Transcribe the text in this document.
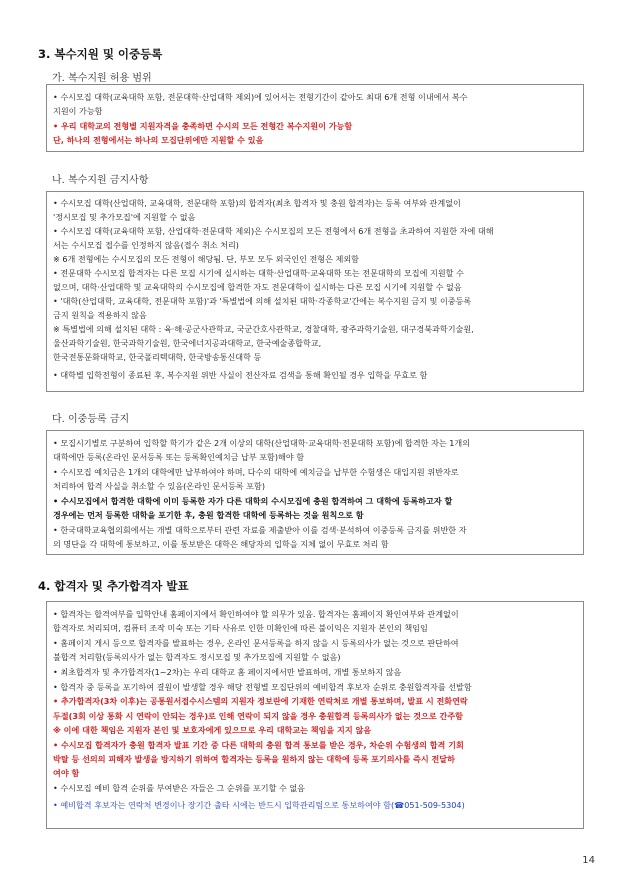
3. 복수지원 및 이중등록
가. 복수지원 허용 범위
• 수시모집 대학(교육대학 포함, 전문대학·산업대학 제외)에 있어서는 전형기간이 같아도 최대 6개 전형 이내에서 복수
지원이 가능함
• 우리 대학교의 전형별 지원자격을 충족하면 수시의 모든 전형간 복수지원이 가능함
단, 하나의 전형에서는 하나의 모집단위에만 지원할 수 있음
나. 복수지원 금지사항
• 수시모집 대학(산업대학, 교육대학, 전문대학 포함)의 합격자(최초 합격자 및 충원 합격자)는 등록 여부와 관계없이
'정시모집 및 추가모집'에 지원할 수 없음
• 수시모집 대학(교육대학 포함, 산업대학·전문대학 제외)은 수시모집의 모든 전형에서 6개 전형을 초과하여 지원한 자에 대해
서는 수시모집 접수를 인정하지 않음(접수 취소 처리)
※ 6개 전형에는 수시모집의 모든 전형이 해당됨. 단, 부모 모두 외국인인 전형은 제외함
• 전문대학 수시모집 합격자는 다른 모집 시기에 실시하는 대학·산업대학·교육대학 또는 전문대학의 모집에 지원할 수
없으며, 대학·산업대학 및 교육대학의 수시모집에 합격한 자도 전문대학이 실시하는 다른 모집 시기에 지원할 수 없음
• '대학(산업대학, 교육대학, 전문대학 포함)'과 '특별법에 의해 설치된 대학·각종학교'간에는 복수지원 금지 및 이중등록
금지 원칙을 적용하지 않음
※ 특별법에 의해 설치된 대학 : 육·해·공군사관학교, 국군간호사관학교, 경찰대학, 광주과학기술원, 대구경북과학기술원,
울산과학기술원, 한국과학기술원, 한국에너지공과대학교, 한국예술종합학교,
한국전통문화대학교, 한국폴리텍대학, 한국방송통신대학 등
• 대학별 입학전형이 종료된 후, 복수지원 위반 사실이 전산자료 검색을 통해 확인될 경우 입학을 무효로 함
다. 이중등록 금지
• 모집시기별로 구분하여 입학할 학기가 같은 2개 이상의 대학(산업대학·교육대학·전문대학 포함)에 합격한 자는 1개의
대학에만 등록(온라인 문서등록 또는 등록확인예치금 납부 포함)해야 함
• 수시모집 예치금은 1개의 대학에만 납부하여야 하며, 다수의 대학에 예치금을 납부한 수험생은 대입지원 위반자로
처리하여 합격 사실을 취소할 수 있음(온라인 문서등록 포함)
• 수시모집에서 합격한 대학에 이미 등록한 자가 다른 대학의 수시모집에 충원 합격하여 그 대학에 등록하고자 할
경우에는 먼저 등록한 대학을 포기한 후, 충원 합격한 대학에 등록하는 것을 원칙으로 함
• 한국대학교육협의회에서는 개별 대학으로부터 관련 자료를 제출받아 이를 검색·분석하여 이중등록 금지를 위반한 자
의 명단을 각 대학에 통보하고, 이를 통보받은 대학은 해당자의 입학을 지체 없이 무효로 처리 함
4. 합격자 및 추가합격자 발표
• 합격자는 합격여부를 입학안내 홈페이지에서 확인하여야 할 의무가 있음. 합격자는 홈페이지 확인여부와 관계없이
합격자로 처리되며, 컴퓨터 조작 미숙 또는 기타 사유로 인한 미확인에 따른 불이익은 지원자 본인의 책임임
• 홈페이지 게시 등으로 합격자를 발표하는 경우, 온라인 문서등록을 하지 않을 시 등록의사가 없는 것으로 판단하여
불합격 처리함(등록의사가 없는 합격자도 정시모집 및 추가모집에 지원할 수 없음)
• 최초합격자 및 추가합격자(1~2차)는 우리 대학교 홈 페이지에서만 발표하며, 개별 통보하지 않음
• 합격자 중 등록을 포기하여 결원이 발생할 경우 해당 전형별 모집단위의 예비합격 후보자 순위로 충원합격자를 선발함
• 추가합격자(3차 이후)는 공통원서접수시스템의 지원자 정보란에 기재한 연락처로 개별 통보하며, 발표 시 전화연락
두절(3회 이상 통화 시 연락이 안되는 경우)로 인해 연락이 되지 않을 경우 충원합격 등록의사가 없는 것으로 간주함
※ 이에 대한 책임은 지원자 본인 및 보호자에게 있으므로 우리 대학교는 책임을 지지 않음
• 수시모집 합격자가 충원 합격자 발표 기간 중 다른 대학의 충원 합격 통보를 받은 경우, 차순위 수험생의 합격 기회
박탈 등 선의의 피해자 발생을 방지하기 위하여 합격자는 등록을 원하지 않는 대학에 등록 포기의사를 즉시 전달하
여야 함
• 수시모집 예비 합격 순위를 부여받은 자들은 그 순위를 포기할 수 없음
• 예비합격 후보자는 연락처 변경이나 장기간 출타 시에는 반드시 입학관리팀으로 통보하여야 함(☎051-509-5304)
14
